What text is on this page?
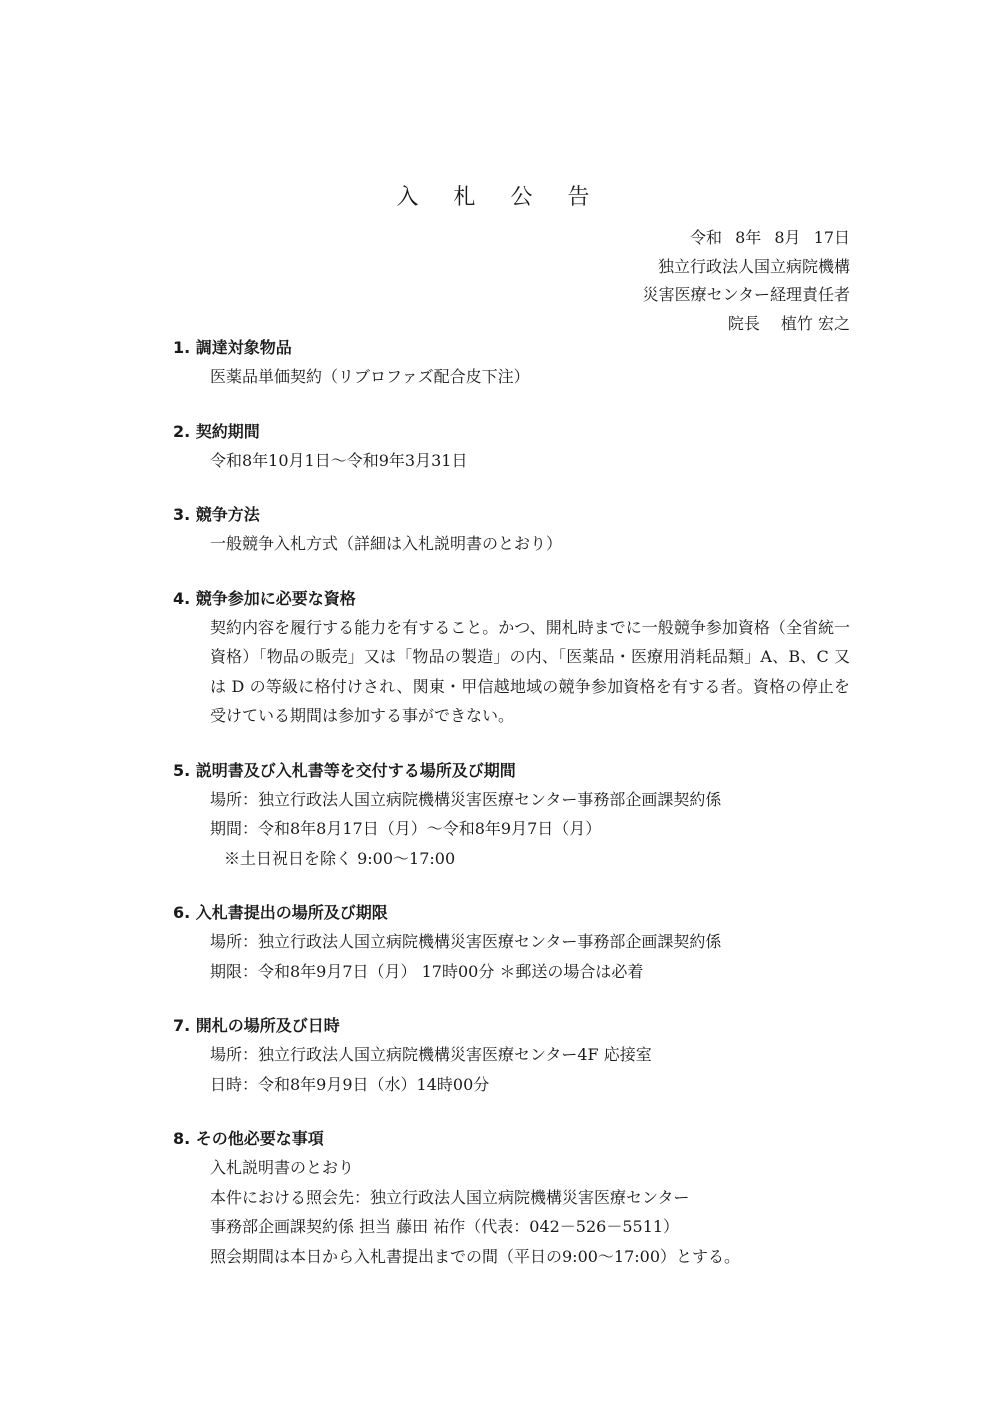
入 札 公 告
令和 8年 8月 17日
独立行政法人国立病院機構
災害医療センター経理責任者
院長　 植竹 宏之
1. 調達対象物品
医薬品単価契約（リブロファズ配合皮下注）
2. 契約期間
令和8年10月1日～令和9年3月31日
3. 競争方法
一般競争入札方式（詳細は入札説明書のとおり）
4. 競争参加に必要な資格
契約内容を履行する能力を有すること。かつ、開札時までに一般競争参加資格（全省統一資格）「物品の販売」又は「物品の製造」の内、「医薬品・医療用消耗品類」A、B、C 又は D の等級に格付けされ、関東・甲信越地域の競争参加資格を有する者。資格の停止を受けている期間は参加する事ができない。
5. 説明書及び入札書等を交付する場所及び期間
場所：独立行政法人国立病院機構災害医療センター事務部企画課契約係
期間：令和8年8月17日（月）～令和8年9月7日（月）
※土日祝日を除く 9:00～17:00
6. 入札書提出の場所及び期限
場所：独立行政法人国立病院機構災害医療センター事務部企画課契約係
期限：令和8年9月7日（月） 17時00分 ＊郵送の場合は必着
7. 開札の場所及び日時
場所：独立行政法人国立病院機構災害医療センター4F 応接室
日時：令和8年9月9日（水）14時00分
8. その他必要な事項
入札説明書のとおり
本件における照会先：独立行政法人国立病院機構災害医療センター
事務部企画課契約係 担当 藤田 祐作（代表：042－526－5511）
照会期間は本日から入札書提出までの間（平日の9:00～17:00）とする。
